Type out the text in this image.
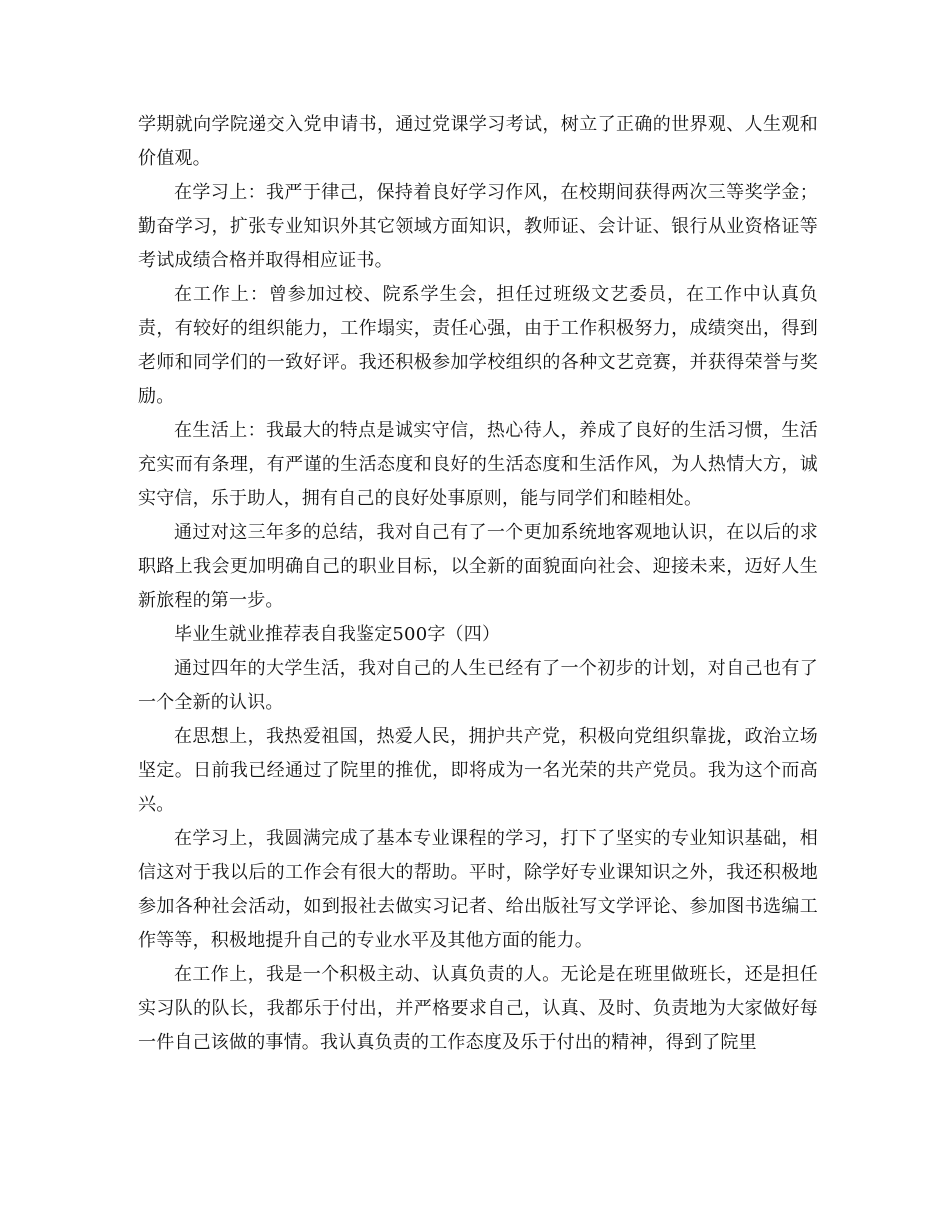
学期就向学院递交入党申请书，通过党课学习考试，树立了正确的世界观、人生观和价值观。

在学习上：我严于律己，保持着良好学习作风，在校期间获得两次三等奖学金；勤奋学习，扩张专业知识外其它领域方面知识，教师证、会计证、银行从业资格证等考试成绩合格并取得相应证书。

在工作上：曾参加过校、院系学生会，担任过班级文艺委员，在工作中认真负责，有较好的组织能力，工作塌实，责任心强，由于工作积极努力，成绩突出，得到老师和同学们的一致好评。我还积极参加学校组织的各种文艺竞赛，并获得荣誉与奖励。

在生活上：我最大的特点是诚实守信，热心待人，养成了良好的生活习惯，生活充实而有条理，有严谨的生活态度和良好的生活态度和生活作风，为人热情大方，诚实守信，乐于助人，拥有自己的良好处事原则，能与同学们和睦相处。

通过对这三年多的总结，我对自己有了一个更加系统地客观地认识，在以后的求职路上我会更加明确自己的职业目标，以全新的面貌面向社会、迎接未来，迈好人生新旅程的第一步。

毕业生就业推荐表自我鉴定500字（四）

通过四年的大学生活，我对自己的人生已经有了一个初步的计划，对自己也有了一个全新的认识。

在思想上，我热爱祖国，热爱人民，拥护共产党，积极向党组织靠拢，政治立场坚定。日前我已经通过了院里的推优，即将成为一名光荣的共产党员。我为这个而高兴。

在学习上，我圆满完成了基本专业课程的学习，打下了坚实的专业知识基础，相信这对于我以后的工作会有很大的帮助。平时，除学好专业课知识之外，我还积极地参加各种社会活动，如到报社去做实习记者、给出版社写文学评论、参加图书选编工作等等，积极地提升自己的专业水平及其他方面的能力。

在工作上，我是一个积极主动、认真负责的人。无论是在班里做班长，还是担任实习队的队长，我都乐于付出，并严格要求自己，认真、及时、负责地为大家做好每一件自己该做的事情。我认真负责的工作态度及乐于付出的精神，得到了院里
